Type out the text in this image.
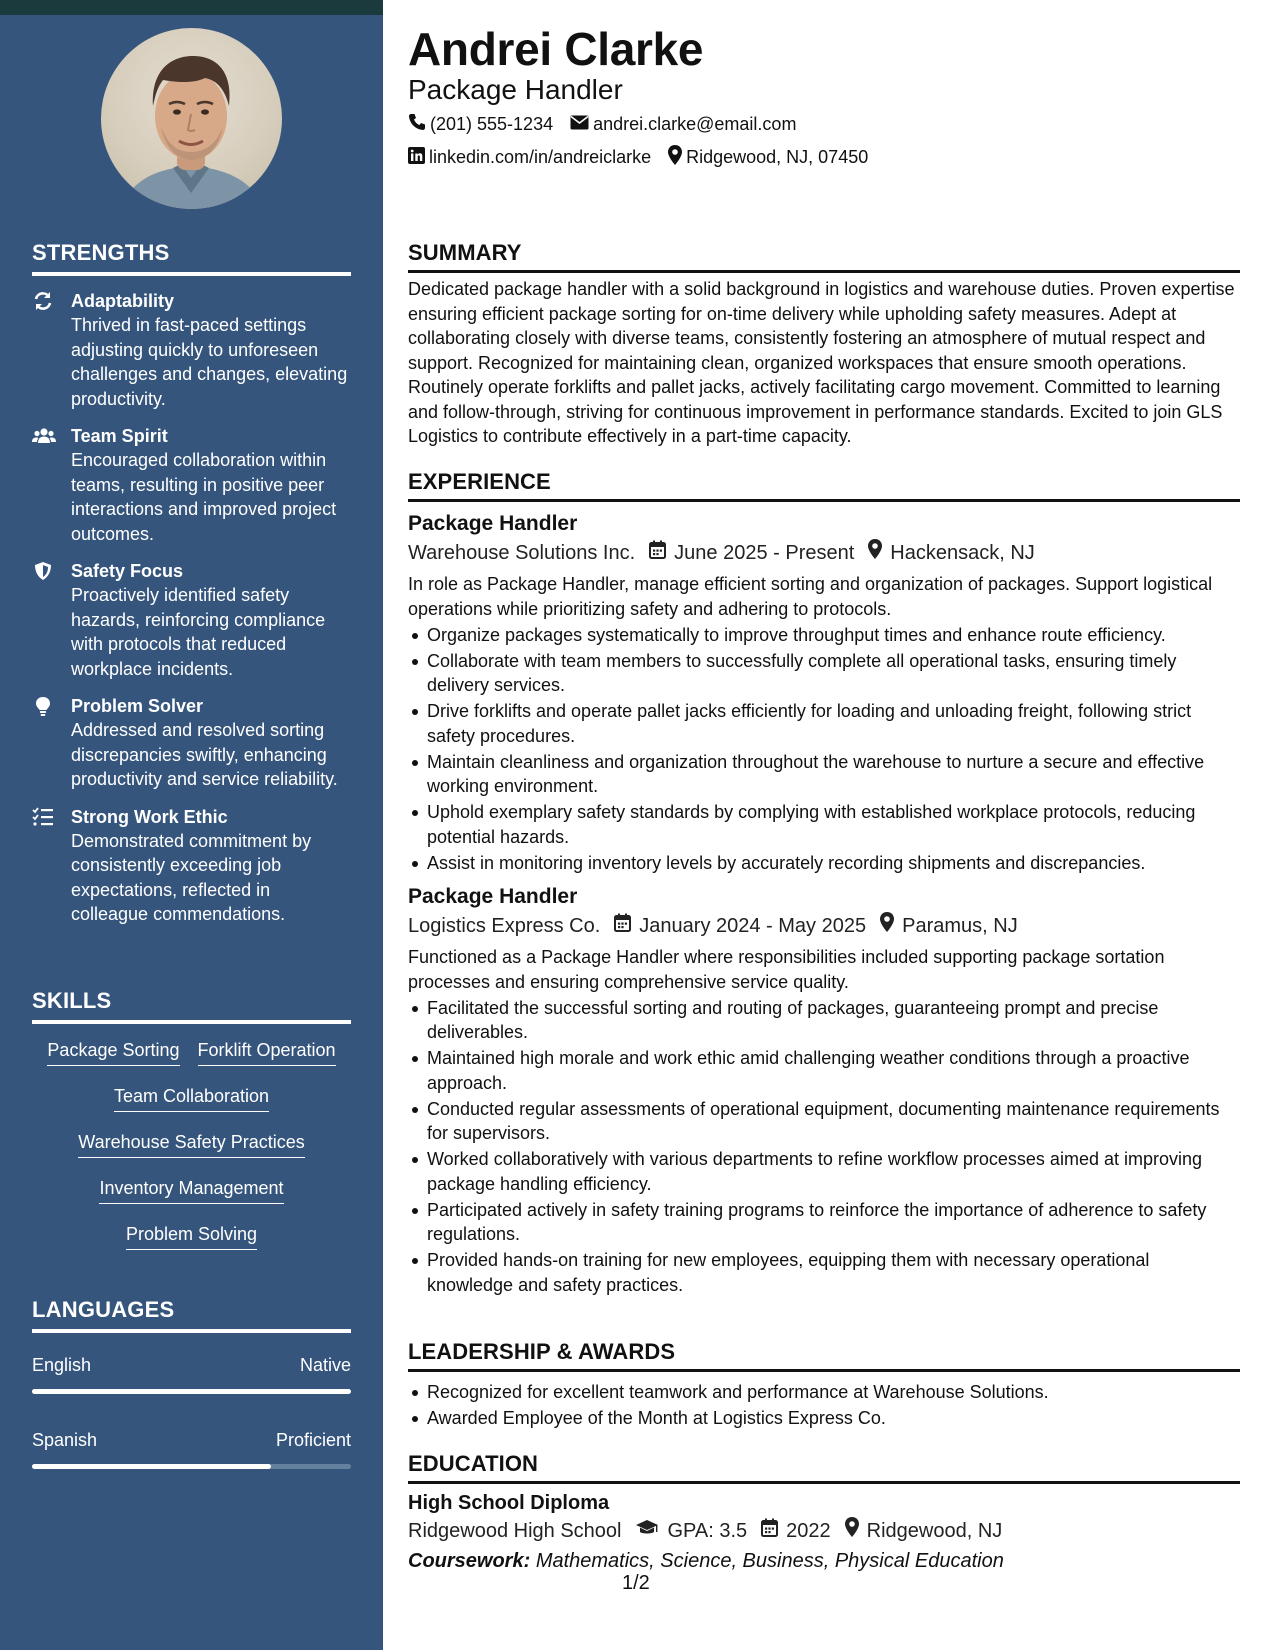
STRENGTHS
Adaptability
Thrived in fast-paced settings adjusting quickly to unforeseen challenges and changes, elevating productivity.
Team Spirit
Encouraged collaboration within teams, resulting in positive peer interactions and improved project outcomes.
Safety Focus
Proactively identified safety hazards, reinforcing compliance with protocols that reduced workplace incidents.
Problem Solver
Addressed and resolved sorting discrepancies swiftly, enhancing productivity and service reliability.
Strong Work Ethic
Demonstrated commitment by consistently exceeding job expectations, reflected in colleague commendations.
SKILLS
Package Sorting Forklift Operation
Team Collaboration
Warehouse Safety Practices
Inventory Management
Problem Solving
LANGUAGES
English	Native
Spanish	Proficient
Andrei Clarke
Package Handler
(201) 555-1234 andrei.clarke@email.com
linkedin.com/in/andreiclarke Ridgewood, NJ, 07450
SUMMARY
Dedicated package handler with a solid background in logistics and warehouse duties. Proven expertise ensuring efficient package sorting for on-time delivery while upholding safety measures. Adept at collaborating closely with diverse teams, consistently fostering an atmosphere of mutual respect and support. Recognized for maintaining clean, organized workspaces that ensure smooth operations. Routinely operate forklifts and pallet jacks, actively facilitating cargo movement. Committed to learning and follow-through, striving for continuous improvement in performance standards. Excited to join GLS Logistics to contribute effectively in a part-time capacity.
EXPERIENCE
Package Handler
Warehouse Solutions Inc. June 2025 - Present Hackensack, NJ
In role as Package Handler, manage efficient sorting and organization of packages. Support logistical operations while prioritizing safety and adhering to protocols.
Organize packages systematically to improve throughput times and enhance route efficiency.
Collaborate with team members to successfully complete all operational tasks, ensuring timely delivery services.
Drive forklifts and operate pallet jacks efficiently for loading and unloading freight, following strict safety procedures.
Maintain cleanliness and organization throughout the warehouse to nurture a secure and effective working environment.
Uphold exemplary safety standards by complying with established workplace protocols, reducing potential hazards.
Assist in monitoring inventory levels by accurately recording shipments and discrepancies.
Package Handler
Logistics Express Co. January 2024 - May 2025 Paramus, NJ
Functioned as a Package Handler where responsibilities included supporting package sortation processes and ensuring comprehensive service quality.
Facilitated the successful sorting and routing of packages, guaranteeing prompt and precise deliverables.
Maintained high morale and work ethic amid challenging weather conditions through a proactive approach.
Conducted regular assessments of operational equipment, documenting maintenance requirements for supervisors.
Worked collaboratively with various departments to refine workflow processes aimed at improving package handling efficiency.
Participated actively in safety training programs to reinforce the importance of adherence to safety regulations.
Provided hands-on training for new employees, equipping them with necessary operational knowledge and safety practices.
LEADERSHIP & AWARDS
Recognized for excellent teamwork and performance at Warehouse Solutions.
Awarded Employee of the Month at Logistics Express Co.
EDUCATION
High School Diploma
Ridgewood High School GPA: 3.5 2022 Ridgewood, NJ
Coursework: Mathematics, Science, Business, Physical Education
1/2
